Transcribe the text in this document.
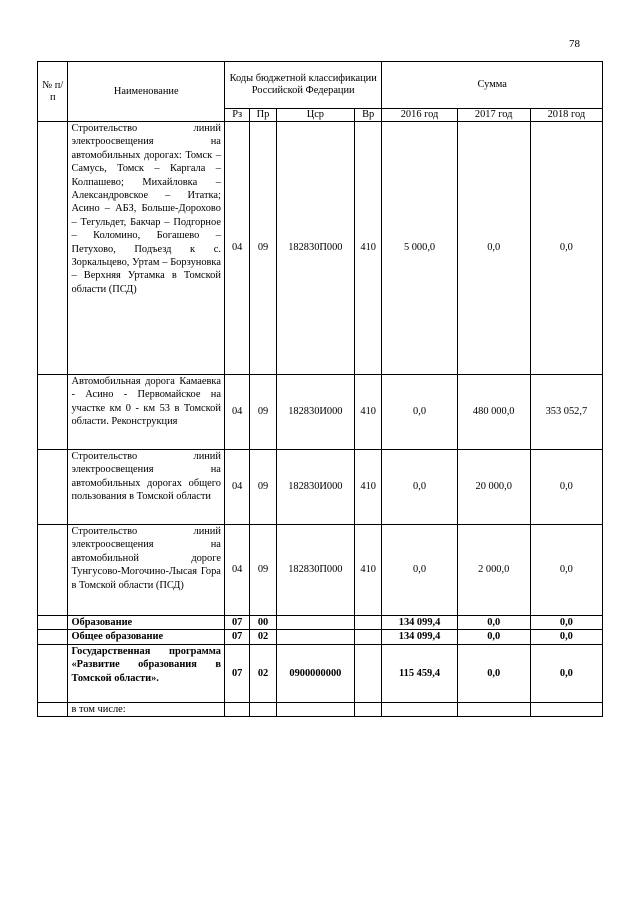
78
№ п/п	Наименование	Коды бюджетной классификации Российской Федерации				Сумма		
		Рз	Пр	Цср	Вр	2016 год	2017 год	2018 год
	Строительство линий электроосвещения на автомобильных дорогах: Томск – Самусь, Томск – Каргала – Колпашево; Михайловка – Александровское – Итатка; Асино – АБЗ, Больше-Дорохово – Тегульдет, Бакчар – Подгорное – Коломино, Богашево – Петухово, Подъезд к с. Зоркальцево, Уртам – Борзуновка – Верхняя Уртамка в Томской области (ПСД)	04	09	182830П000	410	5 000,0	0,0	0,0
	Автомобильная дорога Камаевка - Асино - Первомайское на участке км 0 - км 53 в Томской области. Реконструкция	04	09	182830И000	410	0,0	480 000,0	353 052,7
	Строительство линий электроосвещения на автомобильных дорогах общего пользования в Томской области	04	09	182830И000	410	0,0	20 000,0	0,0
	Строительство линий электроосвещения на автомобильной дороге Тунгусово-Могочино-Лысая Гора в Томской области (ПСД)	04	09	182830П000	410	0,0	2 000,0	0,0
	Образование	07	00			134 099,4	0,0	0,0
	Общее образование	07	02			134 099,4	0,0	0,0
	Государственная программа «Развитие образования в Томской области».	07	02	0900000000		115 459,4	0,0	0,0
	в том числе:							
